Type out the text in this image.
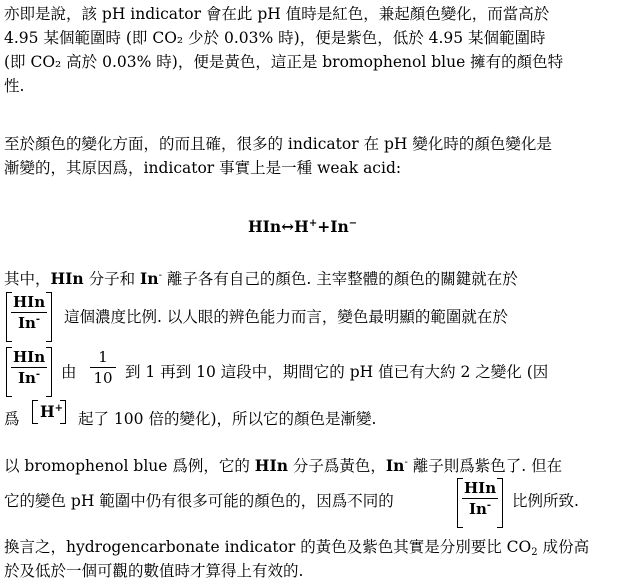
亦即是說，該 pH indicator 會在此 pH 值時是紅色，兼起顏色變化，而當高於
4.95 某個範圍時 (即 CO₂ 少於 0.03% 時)，便是紫色，低於 4.95 某個範圍時
(即 CO₂ 高於 0.03% 時)，便是黃色，這正是 bromophenol blue 擁有的顏色特
性.
至於顏色的變化方面，的而且確，很多的 indicator 在 pH 變化時的顏色變化是
漸變的，其原因爲，indicator 事實上是一種 weak acid:
HIn↔H++In−
其中，HIn 分子和 In- 離子各有自己的顏色. 主宰整體的顏色的關鍵就在於
HIn
In-	這個濃度比例. 以人眼的辨色能力而言，變色最明顯的範圍就在於
HIn
In-	由 $\frac{1}{10}$ 到 1 再到 10 這段中，期間它的 pH 值已有大約 2 之變化 (因
爲 H+
起了 100 倍的變化)，所以它的顏色是漸變.
以 bromophenol blue 爲例，它的 HIn 分子爲黃色，In- 離子則爲紫色了. 但在
它的變色 pH 範圍中仍有很多可能的顏色的，因爲不同的
HIn
In-	比例所致.
換言之，hydrogencarbonate indicator 的黃色及紫色其實是分別要比 $CO_2$ 成份高
於及低於一個可觀的數值時才算得上有效的.
